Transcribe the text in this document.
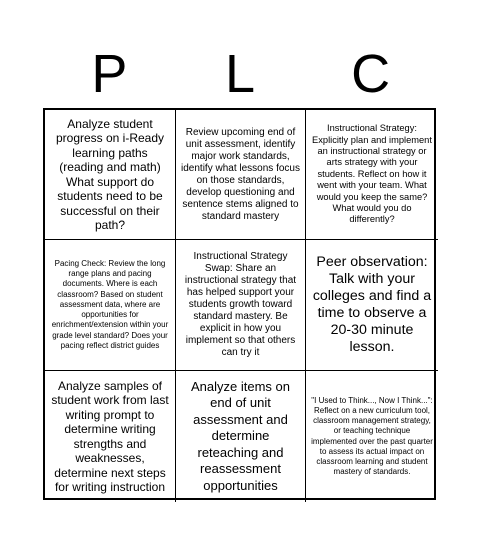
P	L	C
Analyze student progress on i-Ready learning paths (reading and math) What support do students need to be successful on their path?
Review upcoming end of unit assessment, identify major work standards, identify what lessons focus on those standards, develop questioning and sentence stems aligned to standard mastery
Instructional Strategy: Explicitly plan and implement an instructional strategy or arts strategy with your students. Reflect on how it went with your team. What would you keep the same? What would you do differently?
Pacing Check: Review the long range plans and pacing documents. Where is each classroom? Based on student assessment data, where are opportunities for enrichment/extension within your grade level standard? Does your pacing reflect district guides
Instructional Strategy Swap: Share an instructional strategy that has helped support your students growth toward standard mastery. Be explicit in how you implement so that others can try it
Peer observation: Talk with your colleges and find a time to observe a 20-30 minute lesson.
Analyze samples of student work from last writing prompt to determine writing strengths and weaknesses, determine next steps for writing instruction
Analyze items on end of unit assessment and determine reteaching and reassessment opportunities
"I Used to Think..., Now I Think...": Reflect on a new curriculum tool, classroom management strategy, or teaching technique implemented over the past quarter to assess its actual impact on classroom learning and student mastery of standards.
